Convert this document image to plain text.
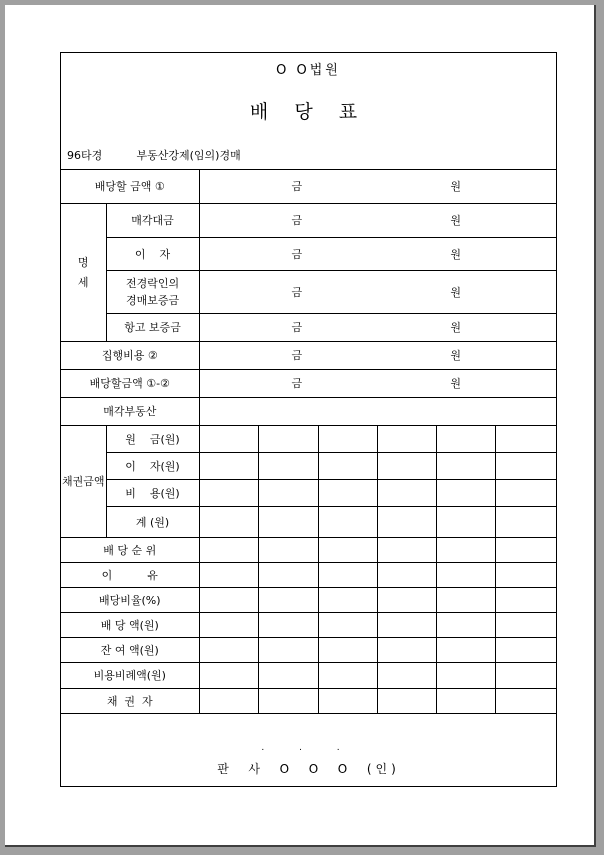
O O법원
배 당 표
96타경	부동산강제(임의)경매
배당할 금액 ①		금 원					

명
세	매각대금	금 원					

	이    자	금 원					

	전경락인의
경매보증금	금 원					

	항고 보증금	금 원					

집행비용 ②		금 원					

배당할금액 ①-②		금 원					

매각부동산							
채권금액	원    금(원)						
	이    자(원)						
	비    용(원)						
	계 (원)						
배 당 순 위							
이          유							
배당비율(%)							
배 당 액(원)							
잔 여 액(원)							
비용비례액(원)							
채  권  자							
. . .
판  사  O  O  O  (인)
